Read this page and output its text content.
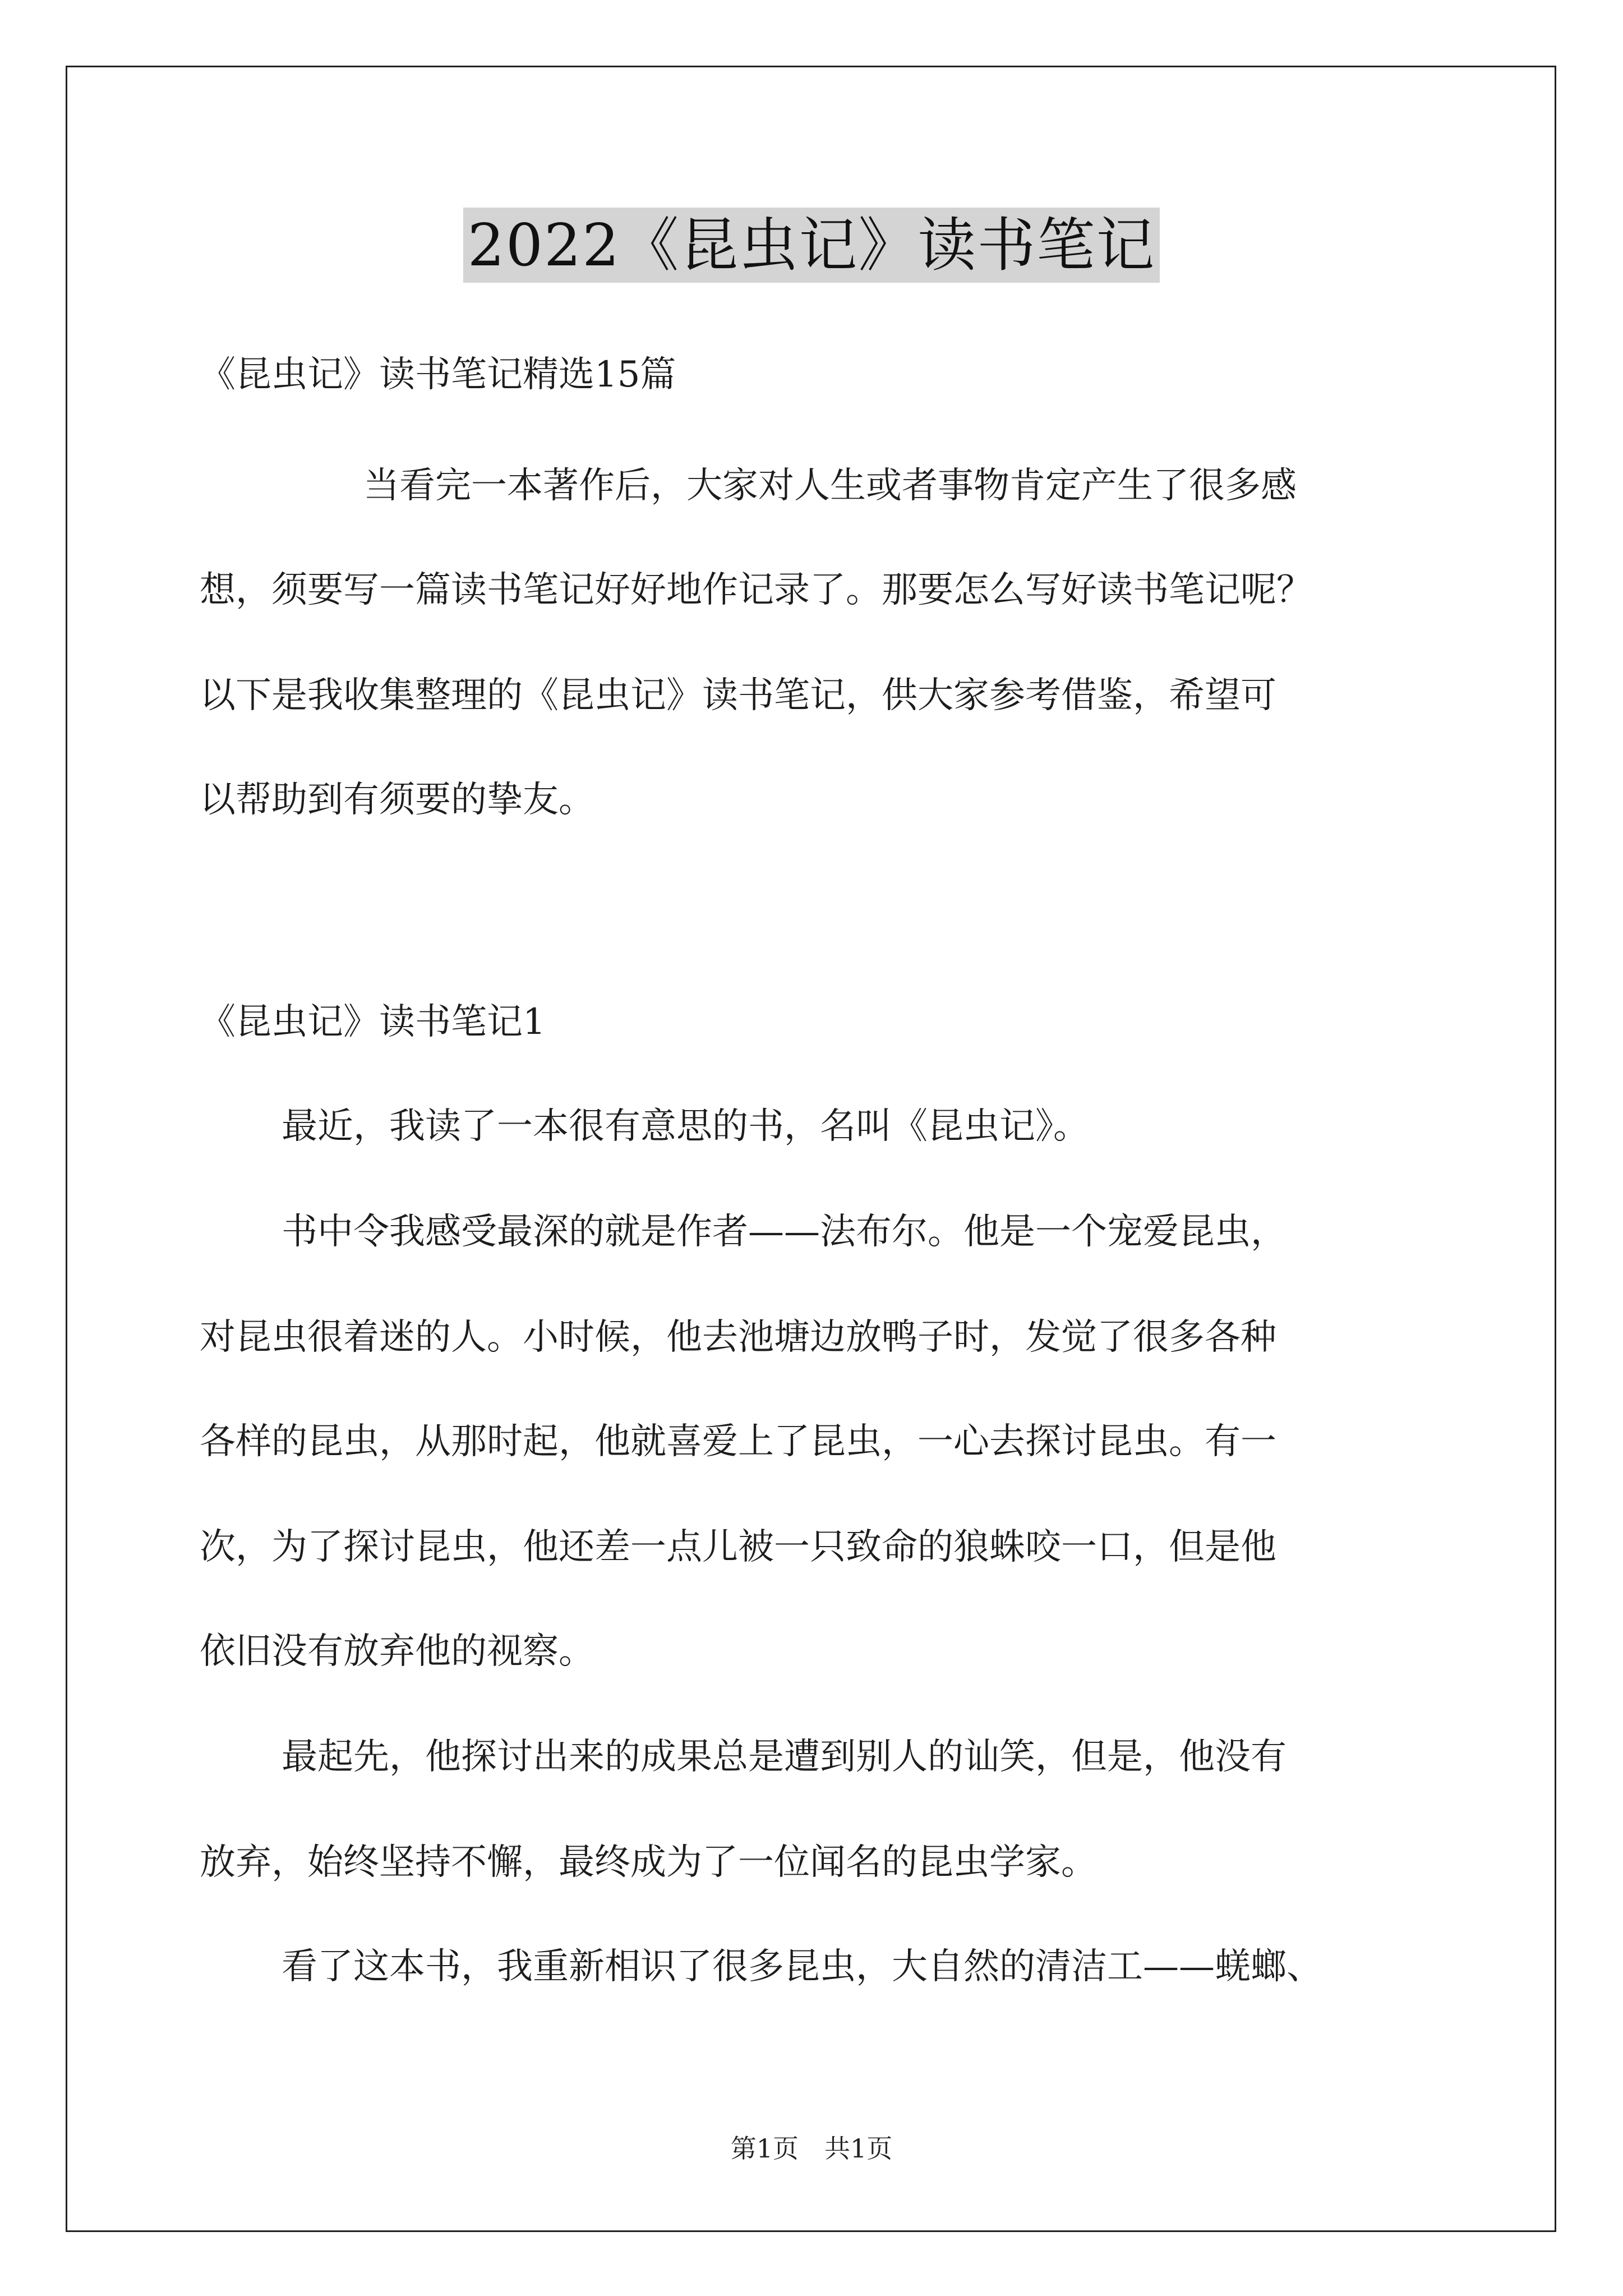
2022《昆虫记》读书笔记
《昆虫记》读书笔记精选15篇
当看完一本著作后，大家对人生或者事物肯定产生了很多感
想，须要写一篇读书笔记好好地作记录了。那要怎么写好读书笔记呢？
以下是我收集整理的《昆虫记》读书笔记，供大家参考借鉴，希望可
以帮助到有须要的挚友。
《昆虫记》读书笔记1
最近，我读了一本很有意思的书，名叫《昆虫记》。
书中令我感受最深的就是作者——法布尔。他是一个宠爱昆虫，
对昆虫很着迷的人。小时候，他去池塘边放鸭子时，发觉了很多各种
各样的昆虫，从那时起，他就喜爱上了昆虫，一心去探讨昆虫。有一
次，为了探讨昆虫，他还差一点儿被一只致命的狼蛛咬一口，但是他
依旧没有放弃他的视察。
最起先，他探讨出来的成果总是遭到别人的讪笑，但是，他没有
放弃，始终坚持不懈，最终成为了一位闻名的昆虫学家。
看了这本书，我重新相识了很多昆虫，大自然的清洁工——蜣螂、
第1页　共1页
